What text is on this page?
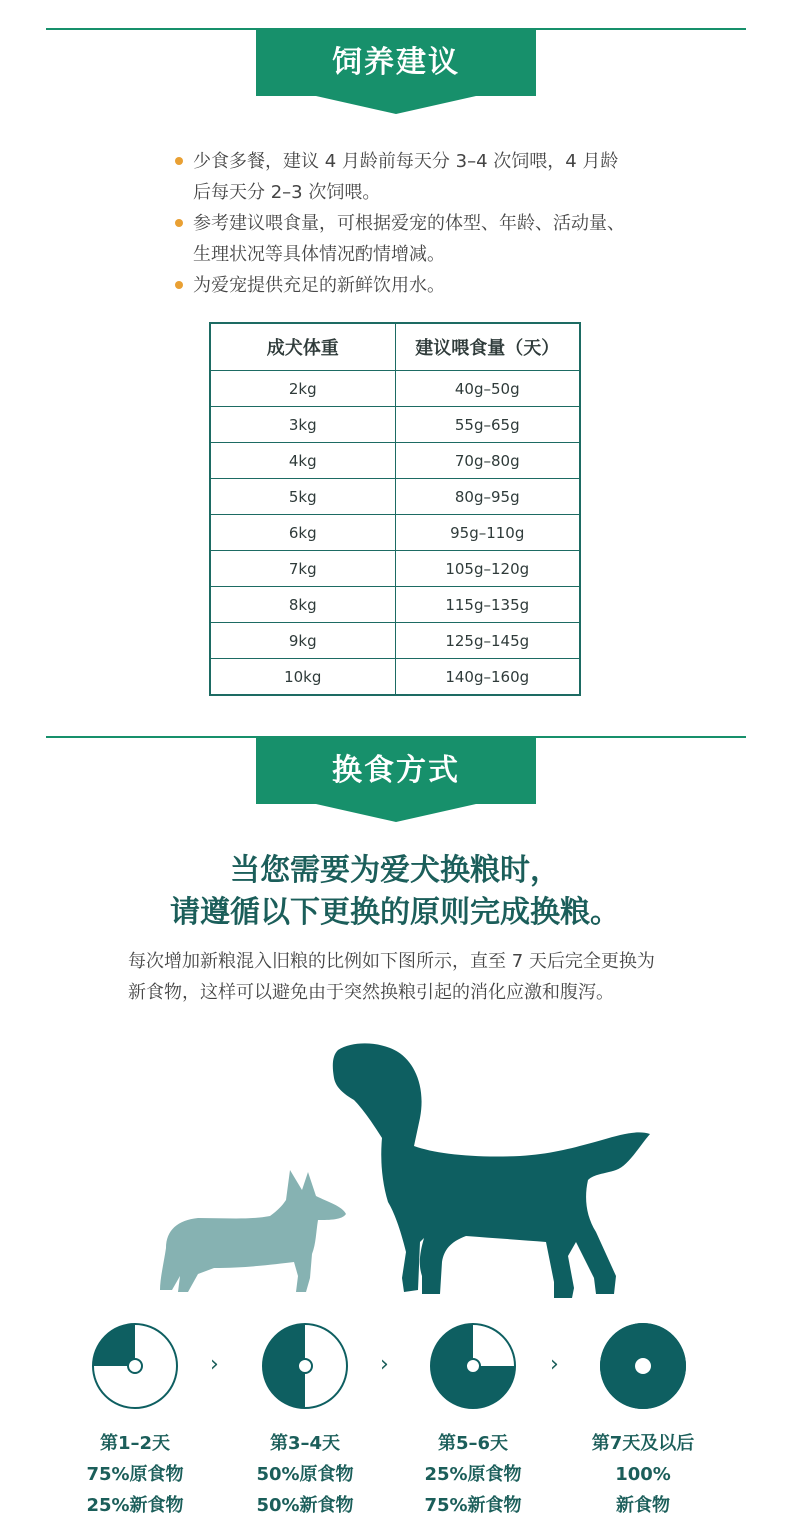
饲养建议
少食多餐，建议 4 月龄前每天分 3–4 次饲喂，4 月龄后每天分 2–3 次饲喂。
参考建议喂食量，可根据爱宠的体型、年龄、活动量、生理状况等具体情况酌情增减。
为爱宠提供充足的新鲜饮用水。
成犬体重	建议喂食量（天）
2kg	40g–50g
3kg	55g–65g
4kg	70g–80g
5kg	80g–95g
6kg	95g–110g
7kg	105g–120g
8kg	115g–135g
9kg	125g–145g
10kg	140g–160g
换食方式
当您需要为爱犬换粮时，
请遵循以下更换的原则完成换粮。
每次增加新粮混入旧粮的比例如下图所示，直至 7 天后完全更换为新食物，这样可以避免由于突然换粮引起的消化应激和腹泻。
第1–2天
75%原食物
25%新食物
›
第3–4天
50%原食物
50%新食物
›
第5–6天
25%原食物
75%新食物
›
第7天及以后
100%
新食物
